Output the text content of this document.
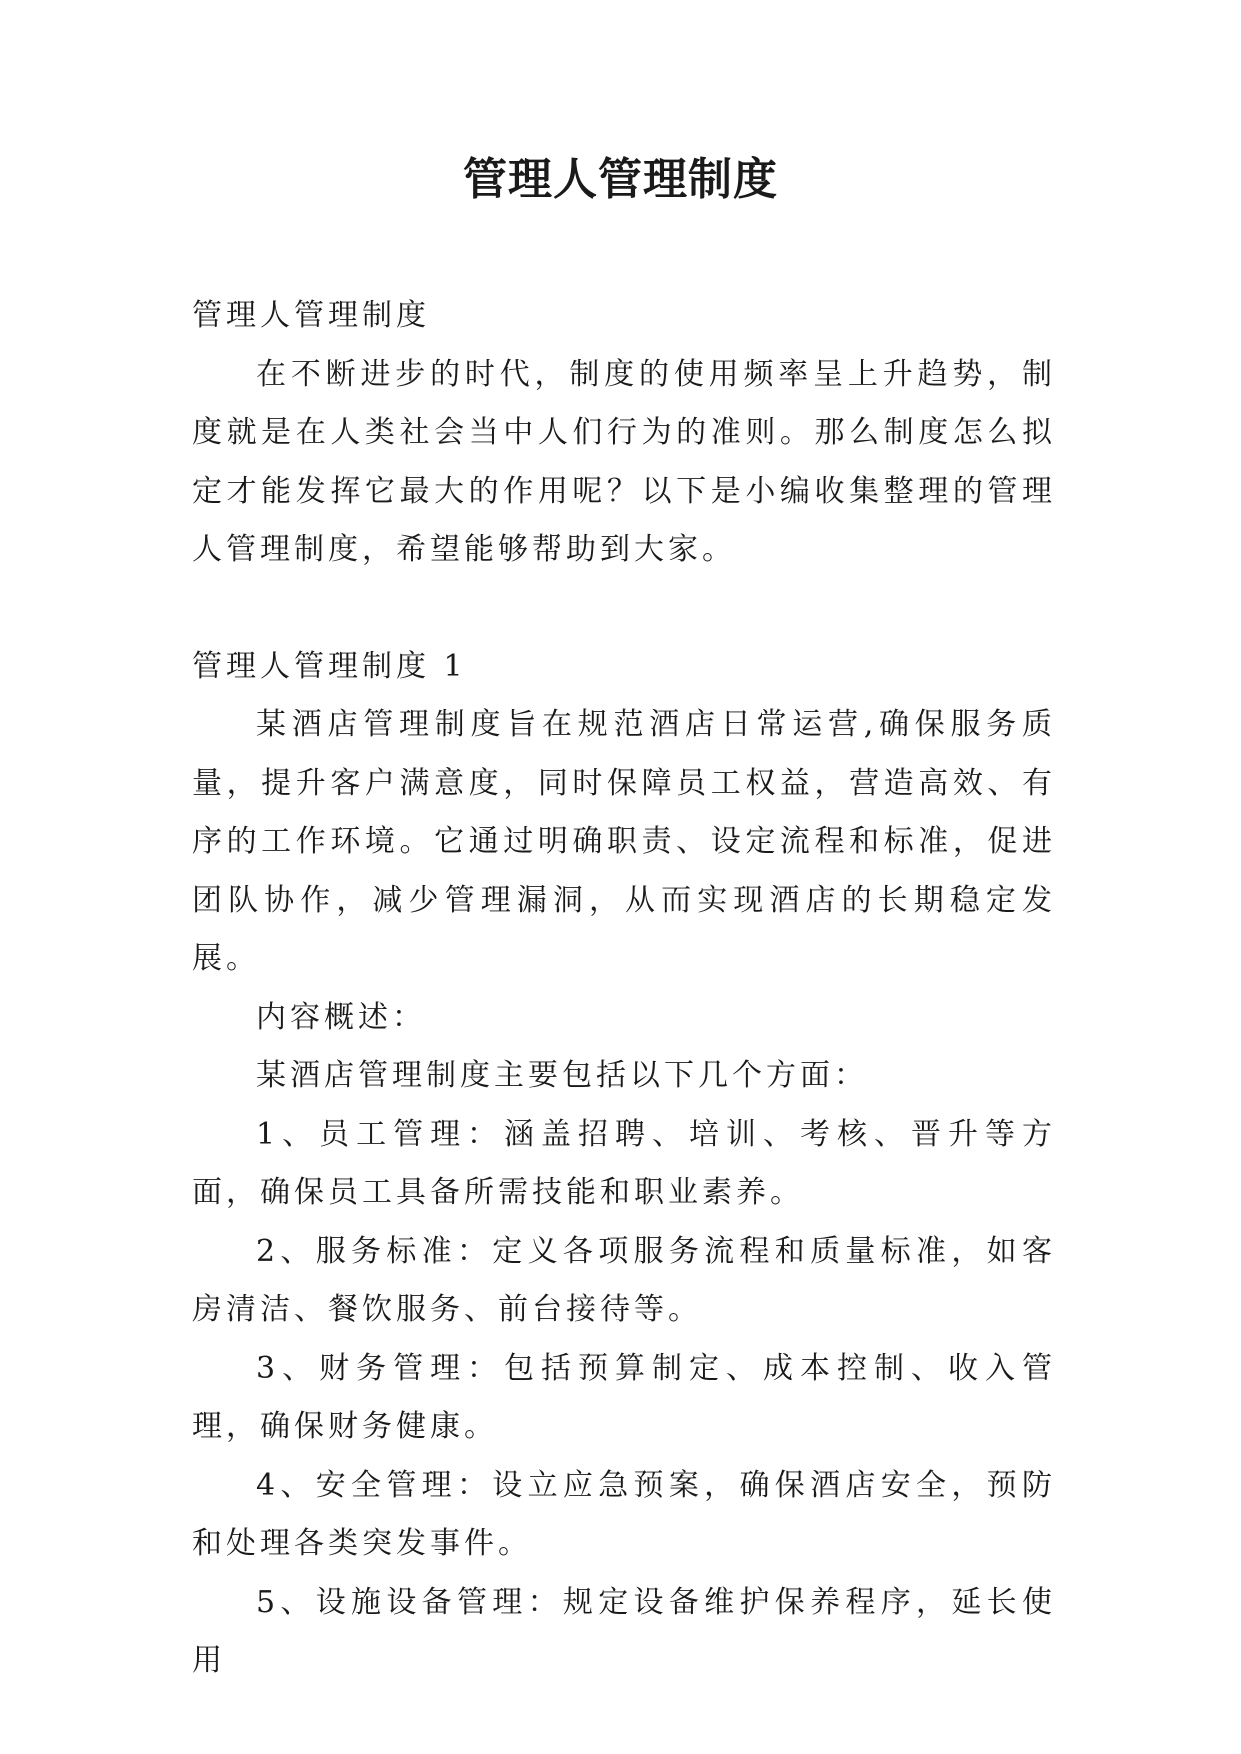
管理人管理制度

管理人管理制度

在不断进步的时代，制度的使用频率呈上升趋势，制度就是在人类社会当中人们行为的准则。那么制度怎么拟定才能发挥它最大的作用呢？以下是小编收集整理的管理人管理制度，希望能够帮助到大家。

管理人管理制度 1

某酒店管理制度旨在规范酒店日常运营,确保服务质量，提升客户满意度，同时保障员工权益，营造高效、有序的工作环境。它通过明确职责、设定流程和标准，促进团队协作，减少管理漏洞，从而实现酒店的长期稳定发展。

内容概述：

某酒店管理制度主要包括以下几个方面：

1、员工管理：涵盖招聘、培训、考核、晋升等方面，确保员工具备所需技能和职业素养。

2、服务标准：定义各项服务流程和质量标准，如客房清洁、餐饮服务、前台接待等。

3、财务管理：包括预算制定、成本控制、收入管理，确保财务健康。

4、安全管理：设立应急预案，确保酒店安全，预防和处理各类突发事件。

5、设施设备管理：规定设备维护保养程序，延长使用
